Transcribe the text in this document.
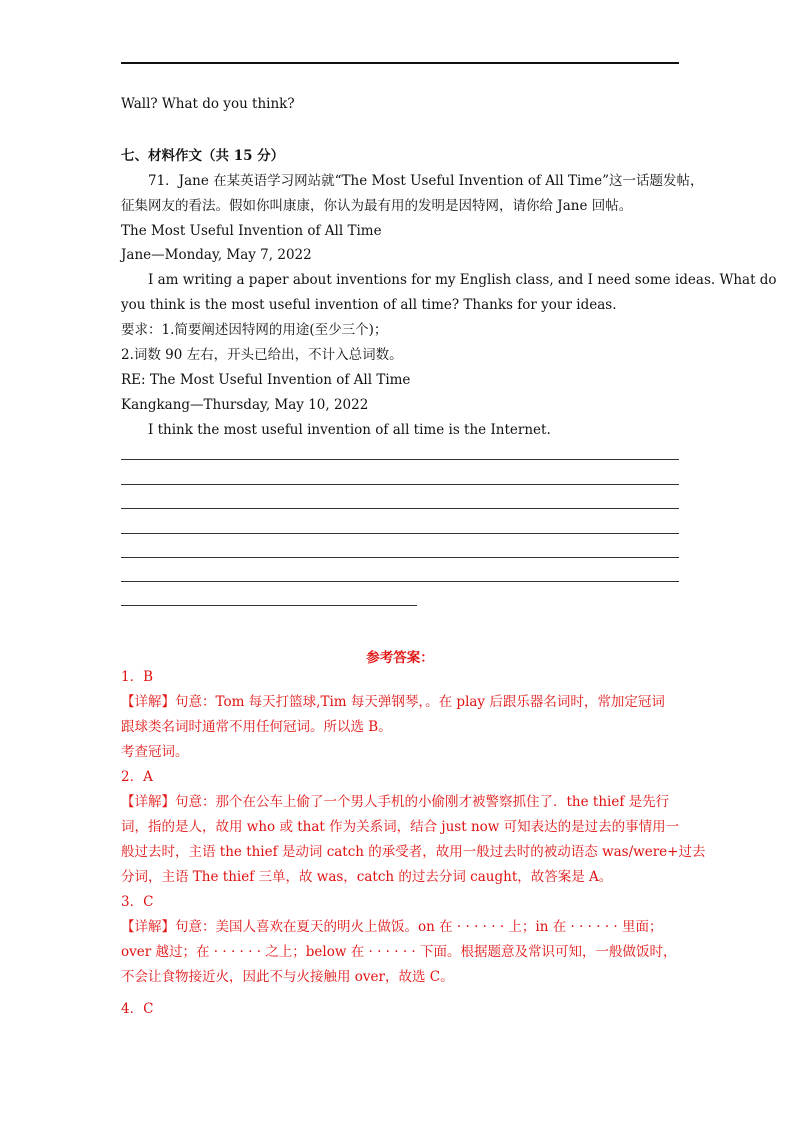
Wall? What do you think?
七、材料作文（共 15 分）
71．Jane 在某英语学习网站就“The Most Useful Invention of All Time”这一话题发帖，
征集网友的看法。假如你叫康康，你认为最有用的发明是因特网，请你给 Jane 回帖。
The Most Useful Invention of All Time
Jane—Monday, May 7, 2022
I am writing a paper about inventions for my English class, and I need some ideas. What do
you think is the most useful invention of all time? Thanks for your ideas.
要求：1.简要阐述因特网的用途(至少三个)；
2.词数 90 左右，开头已给出，不计入总词数。
RE: The Most Useful Invention of All Time
Kangkang—Thursday, May 10, 2022
I think the most useful invention of all time is the Internet.
参考答案：
1．B
【详解】句意：Tom 每天打篮球,Tim 每天弹钢琴，。在 play 后跟乐器名词时，常加定冠词
跟球类名词时通常不用任何冠词。所以选 B。
考查冠词。
2．A
【详解】句意：那个在公车上偷了一个男人手机的小偷刚才被警察抓住了．the thief 是先行
词，指的是人，故用 who 或 that 作为关系词，结合 just now 可知表达的是过去的事情用一
般过去时，主语 the thief 是动词 catch 的承受者，故用一般过去时的被动语态 was/were+过去
分词，主语 The thief 三单，故 was，catch 的过去分词 caught，故答案是 A。
3．C
【详解】句意：美国人喜欢在夏天的明火上做饭。on 在 · · · · · · 上；in 在 · · · · · · 里面；
over 越过；在 · · · · · · 之上；below 在 · · · · · · 下面。根据题意及常识可知，一般做饭时，
不会让食物接近火，因此不与火接触用 over，故选 C。
4．C
